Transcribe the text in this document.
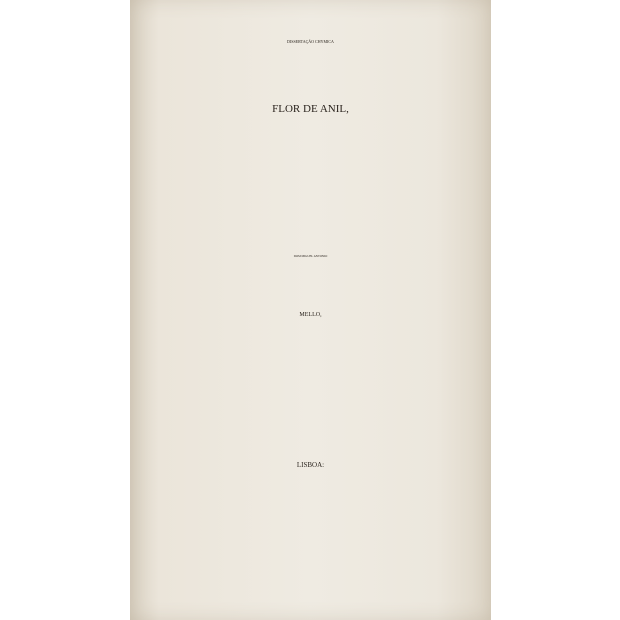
DISSERTAÇÃO CHYMICA
FLOR DE ANIL,
DOM MIGUEL ANTONIO
MELLO,
LISBOA:
